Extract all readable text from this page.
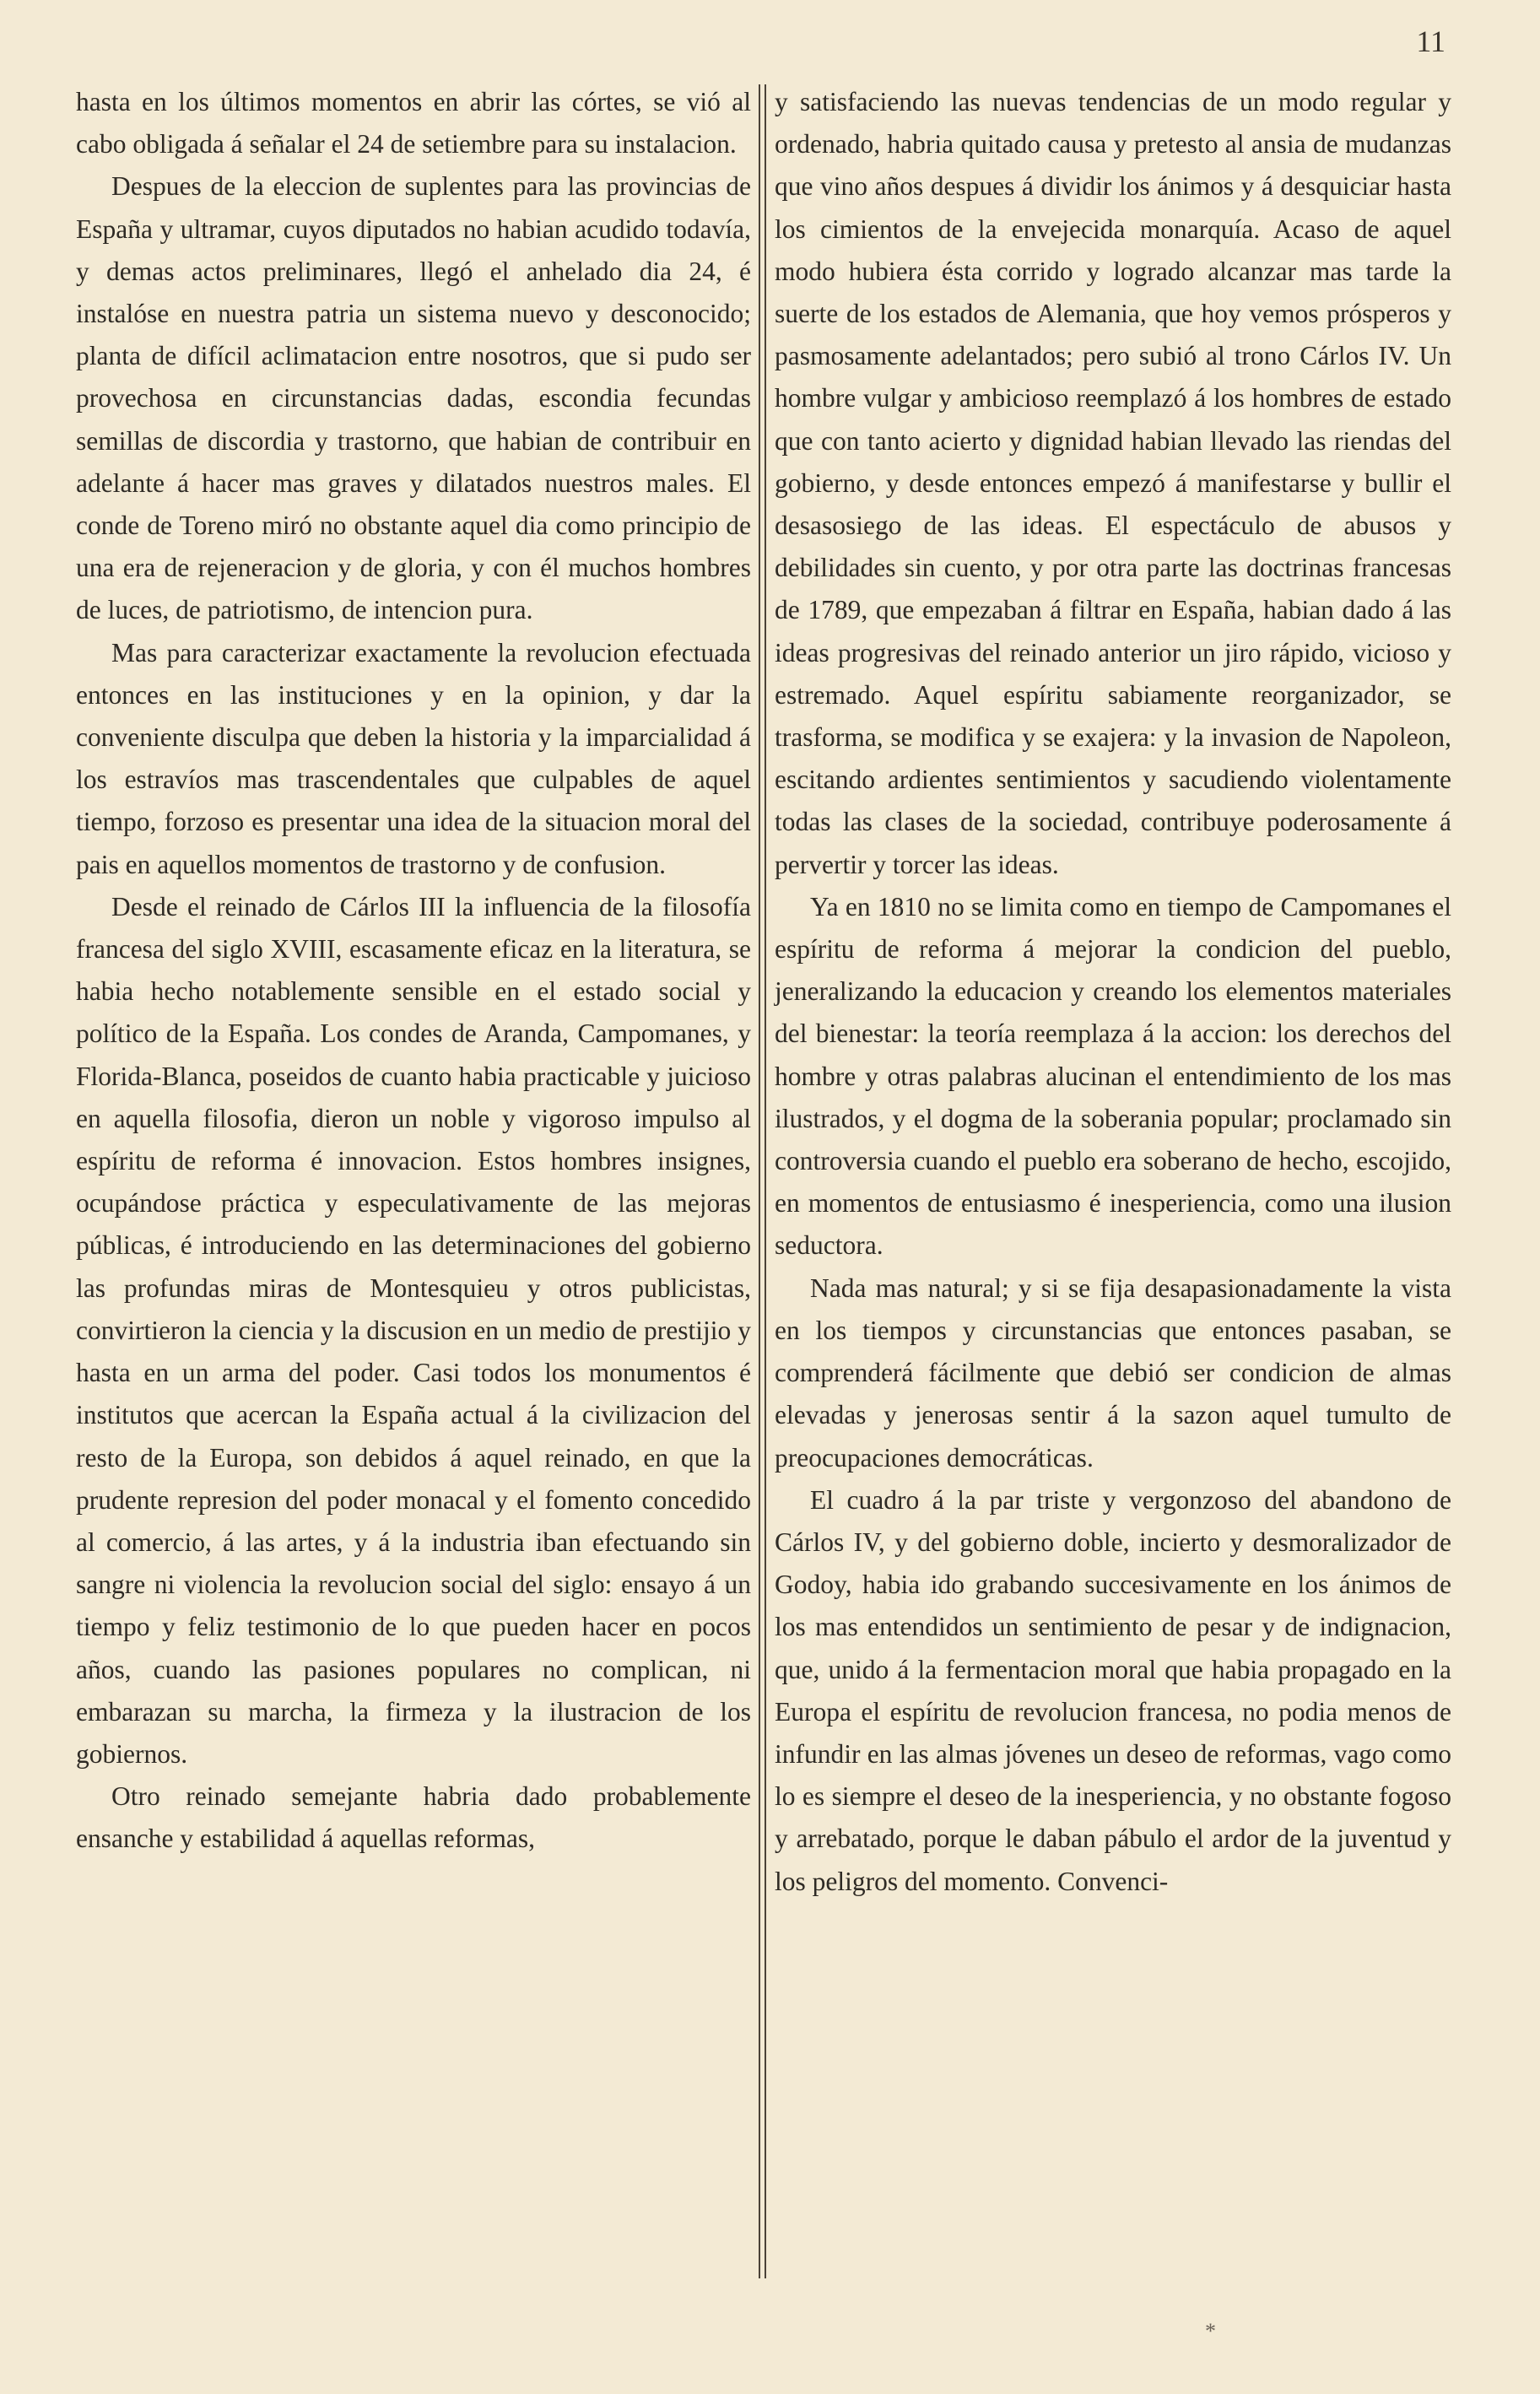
11

hasta en los últimos momentos en abrir las córtes, se vió al cabo obligada á señalar el 24 de setiembre para su instalacion.

Despues de la eleccion de suplentes para las provincias de España y ultramar, cuyos diputados no habian acudido todavía, y demas actos preliminares, llegó el anhelado dia 24, é instalóse en nuestra patria un sistema nuevo y desconocido; planta de difícil aclimatacion entre nosotros, que si pudo ser provechosa en circunstancias dadas, escondia fecundas semillas de discordia y trastorno, que habian de contribuir en adelante á hacer mas graves y dilatados nuestros males. El conde de Toreno miró no obstante aquel dia como principio de una era de rejeneracion y de gloria, y con él muchos hombres de luces, de patriotismo, de intencion pura.

Mas para caracterizar exactamente la revolucion efectuada entonces en las instituciones y en la opinion, y dar la conveniente disculpa que deben la historia y la imparcialidad á los estravíos mas trascendentales que culpables de aquel tiempo, forzoso es presentar una idea de la situacion moral del pais en aquellos momentos de trastorno y de confusion.

Desde el reinado de Cárlos III la influencia de la filosofía francesa del siglo XVIII, escasamente eficaz en la literatura, se habia hecho notablemente sensible en el estado social y político de la España. Los condes de Aranda, Campomanes, y Florida-Blanca, poseidos de cuanto habia practicable y juicioso en aquella filosofia, dieron un noble y vigoroso impulso al espíritu de reforma é innovacion. Estos hombres insignes, ocupándose práctica y especulativamente de las mejoras públicas, é introduciendo en las determinaciones del gobierno las profundas miras de Montesquieu y otros publicistas, convirtieron la ciencia y la discusion en un medio de prestijio y hasta en un arma del poder. Casi todos los monumentos é institutos que acercan la España actual á la civilizacion del resto de la Europa, son debidos á aquel reinado, en que la prudente represion del poder monacal y el fomento concedido al comercio, á las artes, y á la industria iban efectuando sin sangre ni violencia la revolucion social del siglo: ensayo á un tiempo y feliz testimonio de lo que pueden hacer en pocos años, cuando las pasiones populares no complican, ni embarazan su marcha, la firmeza y la ilustracion de los gobiernos.

Otro reinado semejante habria dado probablemente ensanche y estabilidad á aquellas reformas,

y satisfaciendo las nuevas tendencias de un modo regular y ordenado, habria quitado causa y pretesto al ansia de mudanzas que vino años despues á dividir los ánimos y á desquiciar hasta los cimientos de la envejecida monarquía. Acaso de aquel modo hubiera ésta corrido y logrado alcanzar mas tarde la suerte de los estados de Alemania, que hoy vemos prósperos y pasmosamente adelantados; pero subió al trono Cárlos IV. Un hombre vulgar y ambicioso reemplazó á los hombres de estado que con tanto acierto y dignidad habian llevado las riendas del gobierno, y desde entonces empezó á manifestarse y bullir el desasosiego de las ideas. El espectáculo de abusos y debilidades sin cuento, y por otra parte las doctrinas francesas de 1789, que empezaban á filtrar en España, habian dado á las ideas progresivas del reinado anterior un jiro rápido, vicioso y estremado. Aquel espíritu sabiamente reorganizador, se trasforma, se modifica y se exajera: y la invasion de Napoleon, escitando ardientes sentimientos y sacudiendo violentamente todas las clases de la sociedad, contribuye poderosamente á pervertir y torcer las ideas.

Ya en 1810 no se limita como en tiempo de Campomanes el espíritu de reforma á mejorar la condicion del pueblo, jeneralizando la educacion y creando los elementos materiales del bienestar: la teoría reemplaza á la accion: los derechos del hombre y otras palabras alucinan el entendimiento de los mas ilustrados, y el dogma de la soberania popular; proclamado sin controversia cuando el pueblo era soberano de hecho, escojido, en momentos de entusiasmo é inesperiencia, como una ilusion seductora.

Nada mas natural; y si se fija desapasionadamente la vista en los tiempos y circunstancias que entonces pasaban, se comprenderá fácilmente que debió ser condicion de almas elevadas y jenerosas sentir á la sazon aquel tumulto de preocupaciones democráticas.

El cuadro á la par triste y vergonzoso del abandono de Cárlos IV, y del gobierno doble, incierto y desmoralizador de Godoy, habia ido grabando succesivamente en los ánimos de los mas entendidos un sentimiento de pesar y de indignacion, que, unido á la fermentacion moral que habia propagado en la Europa el espíritu de revolucion francesa, no podia menos de infundir en las almas jóvenes un deseo de reformas, vago como lo es siempre el deseo de la inesperiencia, y no obstante fogoso y arrebatado, porque le daban pábulo el ardor de la juventud y los peligros del momento. Convenci-

*
